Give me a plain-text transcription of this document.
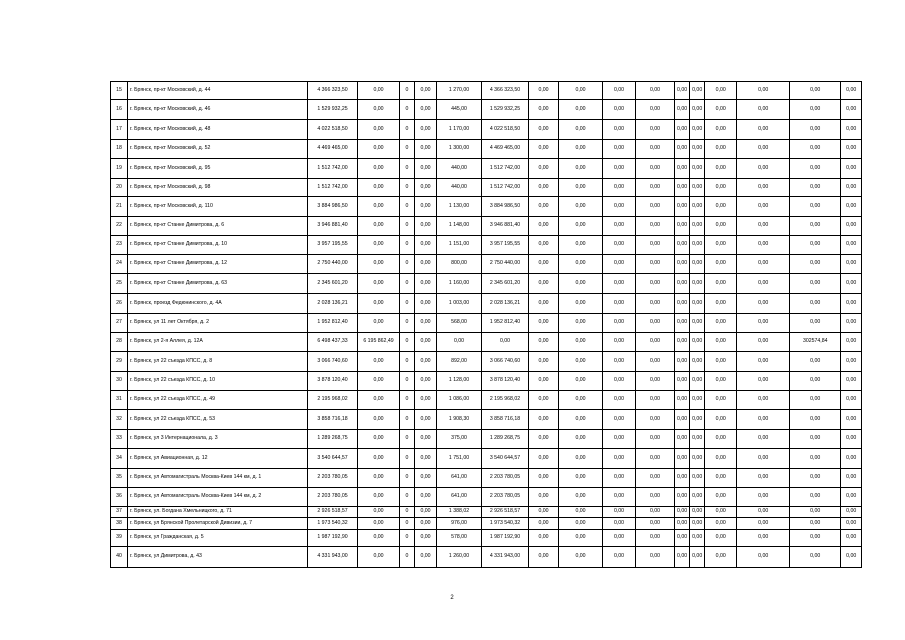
15	г. Брянск, пр-кт Московский, д. 44	4 366 323,50	0,00	0	0,00	1 270,00	4 366 323,50	0,00	0,00	0,00	0,00	0,00	0,00	0,00	0,00	0,00	0,00
16	г. Брянск, пр-кт Московский, д. 46	1 529 932,25	0,00	0	0,00	445,00	1 529 932,25	0,00	0,00	0,00	0,00	0,00	0,00	0,00	0,00	0,00	0,00
17	г. Брянск, пр-кт Московский, д. 48	4 022 518,50	0,00	0	0,00	1 170,00	4 022 518,50	0,00	0,00	0,00	0,00	0,00	0,00	0,00	0,00	0,00	0,00
18	г. Брянск, пр-кт Московский, д. 52	4 469 465,00	0,00	0	0,00	1 300,00	4 469 465,00	0,00	0,00	0,00	0,00	0,00	0,00	0,00	0,00	0,00	0,00
19	г. Брянск, пр-кт Московский, д. 95	1 512 742,00	0,00	0	0,00	440,00	1 512 742,00	0,00	0,00	0,00	0,00	0,00	0,00	0,00	0,00	0,00	0,00
20	г. Брянск, пр-кт Московский, д. 98	1 512 742,00	0,00	0	0,00	440,00	1 512 742,00	0,00	0,00	0,00	0,00	0,00	0,00	0,00	0,00	0,00	0,00
21	г. Брянск, пр-кт Московский, д. 110	3 884 986,50	0,00	0	0,00	1 130,00	3 884 986,50	0,00	0,00	0,00	0,00	0,00	0,00	0,00	0,00	0,00	0,00
22	г. Брянск, пр-кт Станке Димитрова, д. 6	3 946 881,40	0,00	0	0,00	1 148,00	3 946 881,40	0,00	0,00	0,00	0,00	0,00	0,00	0,00	0,00	0,00	0,00
23	г. Брянск, пр-кт Станке Димитрова, д. 10	3 957 195,55	0,00	0	0,00	1 151,00	3 957 195,55	0,00	0,00	0,00	0,00	0,00	0,00	0,00	0,00	0,00	0,00
24	г. Брянск, пр-кт Станке Димитрова, д. 12	2 750 440,00	0,00	0	0,00	800,00	2 750 440,00	0,00	0,00	0,00	0,00	0,00	0,00	0,00	0,00	0,00	0,00
25	г. Брянск, пр-кт Станке Димитрова, д. 63	2 345 601,20	0,00	0	0,00	1 160,00	2 345 601,20	0,00	0,00	0,00	0,00	0,00	0,00	0,00	0,00	0,00	0,00
26	г. Брянск, проезд Федюнинского, д. 4А	2 028 136,21	0,00	0	0,00	1 003,00	2 028 136,21	0,00	0,00	0,00	0,00	0,00	0,00	0,00	0,00	0,00	0,00
27	г. Брянск, ул 11 лет Октября, д. 2	1 952 812,40	0,00	0	0,00	568,00	1 952 812,40	0,00	0,00	0,00	0,00	0,00	0,00	0,00	0,00	0,00	0,00
28	г. Брянск, ул 2-я Аллея, д. 12А	6 498 437,33	6 195 862,49	0	0,00	0,00	0,00	0,00	0,00	0,00	0,00	0,00	0,00	0,00	0,00	302574,84	0,00
29	г. Брянск, ул 22 съезда КПСС, д. 8	3 066 740,60	0,00	0	0,00	892,00	3 066 740,60	0,00	0,00	0,00	0,00	0,00	0,00	0,00	0,00	0,00	0,00
30	г. Брянск, ул 22 съезда КПСС, д. 10	3 878 120,40	0,00	0	0,00	1 128,00	3 878 120,40	0,00	0,00	0,00	0,00	0,00	0,00	0,00	0,00	0,00	0,00
31	г. Брянск, ул 22 съезда КПСС, д. 49	2 195 968,02	0,00	0	0,00	1 086,00	2 195 968,02	0,00	0,00	0,00	0,00	0,00	0,00	0,00	0,00	0,00	0,00
32	г. Брянск, ул 22 съезда КПСС, д. 53	3 858 716,18	0,00	0	0,00	1 908,30	3 858 716,18	0,00	0,00	0,00	0,00	0,00	0,00	0,00	0,00	0,00	0,00
33	г. Брянск, ул 3 Интернационала, д. 3	1 289 268,75	0,00	0	0,00	375,00	1 289 268,75	0,00	0,00	0,00	0,00	0,00	0,00	0,00	0,00	0,00	0,00
34	г. Брянск, ул Авиационная, д. 12	3 540 644,57	0,00	0	0,00	1 751,00	3 540 644,57	0,00	0,00	0,00	0,00	0,00	0,00	0,00	0,00	0,00	0,00
35	г. Брянск, ул Автомагистраль Москва-Киев 144 км, д. 1	2 203 780,05	0,00	0	0,00	641,00	2 203 780,05	0,00	0,00	0,00	0,00	0,00	0,00	0,00	0,00	0,00	0,00
36	г. Брянск, ул Автомагистраль Москва-Киев 144 км, д. 2	2 203 780,05	0,00	0	0,00	641,00	2 203 780,05	0,00	0,00	0,00	0,00	0,00	0,00	0,00	0,00	0,00	0,00
37	г. Брянск, ул. Богдана Хмельницкого, д. 71	2 926 518,57	0,00	0	0,00	1 388,02	2 926 518,57	0,00	0,00	0,00	0,00	0,00	0,00	0,00	0,00	0,00	0,00
38	г. Брянск, ул Брянской Пролетарской Дивизии, д. 7	1 973 540,32	0,00	0	0,00	976,00	1 973 540,32	0,00	0,00	0,00	0,00	0,00	0,00	0,00	0,00	0,00	0,00
39	г. Брянск, ул Гражданская, д. 5	1 987 192,90	0,00	0	0,00	578,00	1 987 192,90	0,00	0,00	0,00	0,00	0,00	0,00	0,00	0,00	0,00	0,00
40	г. Брянск, ул Димитрова, д. 43	4 331 943,00	0,00	0	0,00	1 260,00	4 331 943,00	0,00	0,00	0,00	0,00	0,00	0,00	0,00	0,00	0,00	0,00
2
